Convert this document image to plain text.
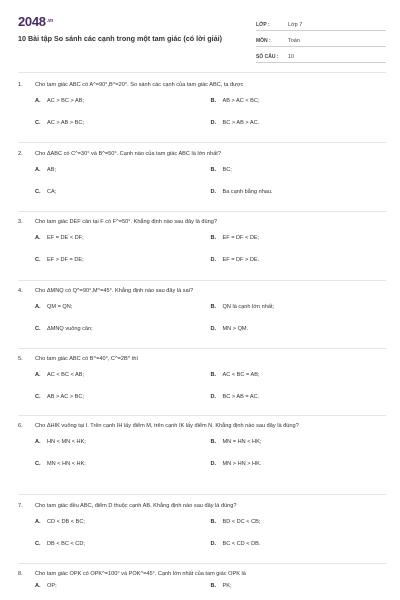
$2048^{.vn}$
10 Bài tập So sánh các cạnh trong một tam giác (có lời giải)
LỚP :	Lớp 7
MÔN :	Toán
SỐ CÂU :	10
1.	Cho tam giác ABC có A^=90°,B^=20°. So sánh các cạnh của tam giác ABC, ta được
A.	AC > BC > AB;	B.	AB > AC < BC;
C.	AC > AB > BC;	D.	BC > AB > AC.
2.	Cho ΔABC có C^=30° và B^=50°. Cạnh nào của tam giác ABC là lớn nhất?
A.	AB;	B.	BC;
C.	CA;	D.	Ba cạnh bằng nhau.
3.	Cho tam giác DEF cân tại F có F^=50°. Khẳng định nào sau đây là đúng?
A.	EF = DE < DF;	B.	EF = DF < DE;
C.	EF > DF = DE;	D.	EF = DF > DE.
4.	Cho ΔMNQ có Q^=90°,M^=45°. Khẳng định nào sau đây là sai?
A.	QM = QN;	B.	QN là cạnh lớn nhất;
C.	ΔMNQ vuông cân;	D.	MN > QM.
5.	Cho tam giác ABC có B^=40°, C^=2B^ thì
A.	AC < BC < AB;	B.	AC < BC = AB;
C.	AB > AC > BC;	D.	BC > AB = AC.
6.	Cho ΔHIK vuông tại I. Trên cạnh IH lấy điểm M, trên cạnh IK lấy điểm N. Khẳng định nào sau đây là đúng?
A.	HN < MN < HK;	B.	MN = HN < HK;
C.	MN < HN < HK;	D.	MN > HN > HK.
7.	Cho tam giác đều ABC, điểm D thuộc cạnh AB. Khẳng định nào sau đây là đúng?
A.	CD < DB < BC;	B.	BD < DC < CB;
C.	DB < BC < CD;	D.	BC < CD < DB.
8.	Cho tam giác OPK có OPK^=100° và POK^=45°. Cạnh lớn nhất của tam giác OPK là
A.	OP;	B.	PK;
